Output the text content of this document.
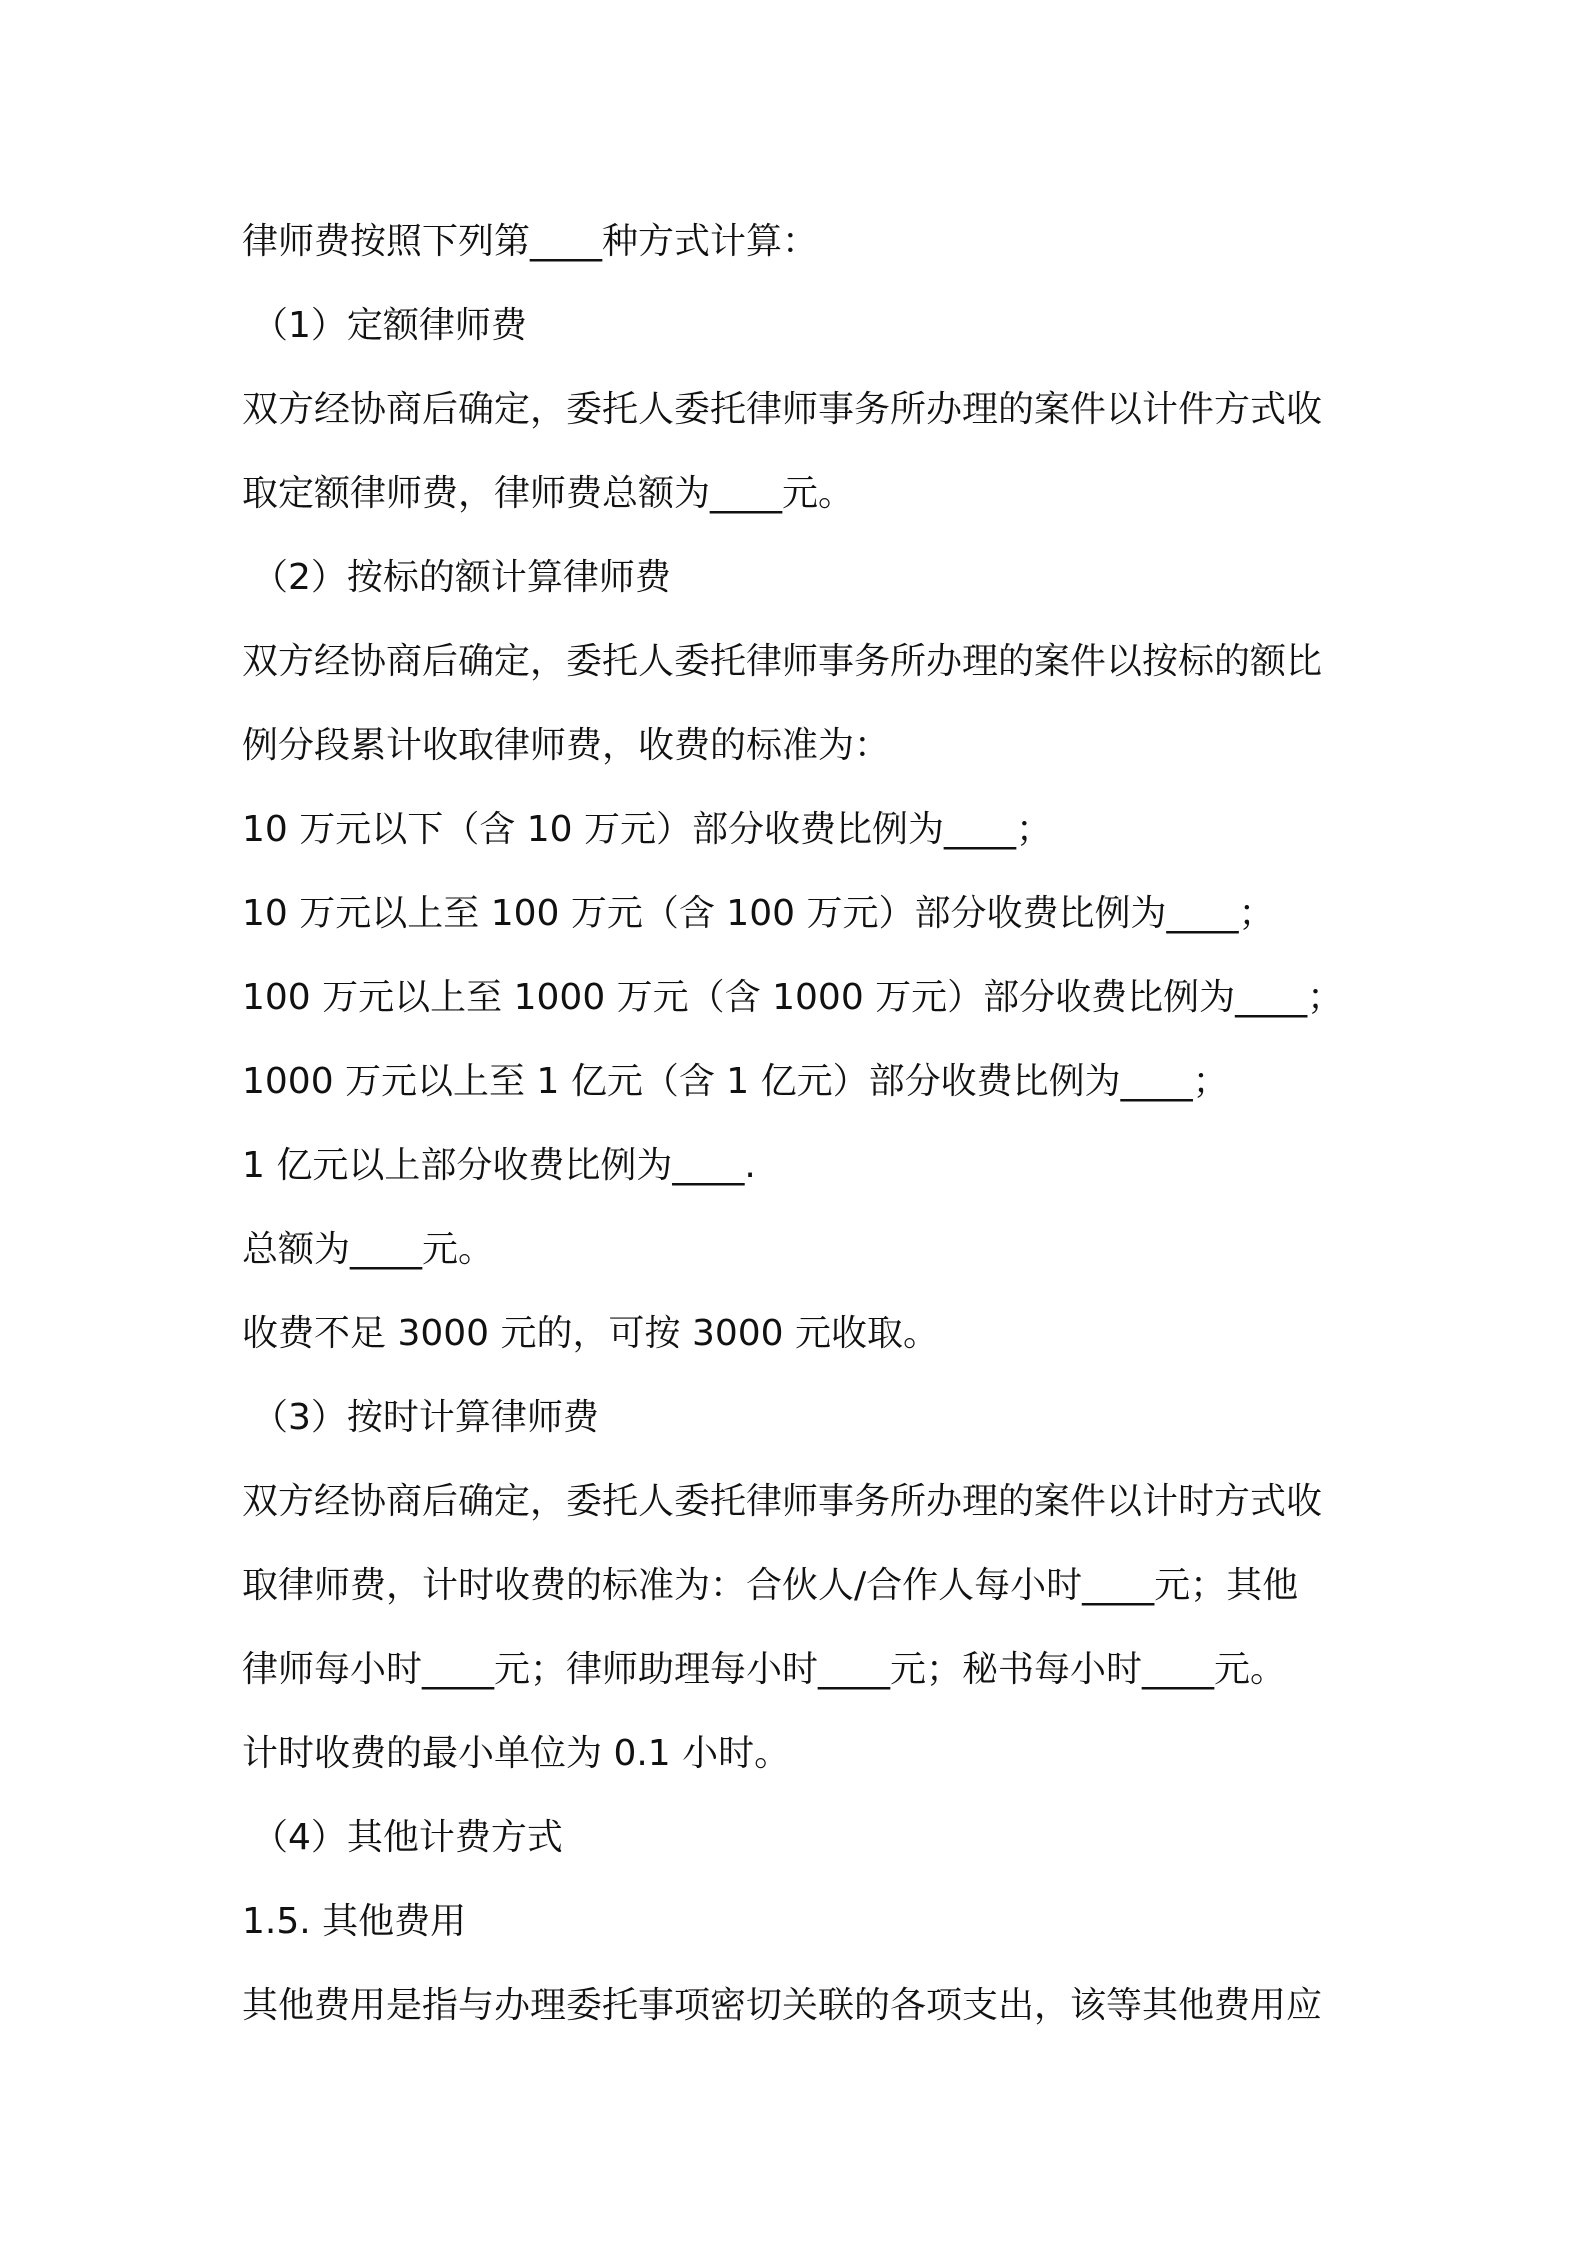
律师费按照下列第____种方式计算：
（1）定额律师费
双方经协商后确定，委托人委托律师事务所办理的案件以计件方式收
取定额律师费，律师费总额为____元。
（2）按标的额计算律师费
双方经协商后确定，委托人委托律师事务所办理的案件以按标的额比
例分段累计收取律师费，收费的标准为：
10 万元以下（含 10 万元）部分收费比例为____；
10 万元以上至 100 万元（含 100 万元）部分收费比例为____；
100 万元以上至 1000 万元（含 1000 万元）部分收费比例为____；
1000 万元以上至 1 亿元（含 1 亿元）部分收费比例为____；
1 亿元以上部分收费比例为____.
总额为____元。
收费不足 3000 元的，可按 3000 元收取。
（3）按时计算律师费
双方经协商后确定，委托人委托律师事务所办理的案件以计时方式收
取律师费，计时收费的标准为：合伙人/合作人每小时____元；其他
律师每小时____元；律师助理每小时____元；秘书每小时____元。
计时收费的最小单位为 0.1 小时。
（4）其他计费方式
1.5. 其他费用
其他费用是指与办理委托事项密切关联的各项支出，该等其他费用应
